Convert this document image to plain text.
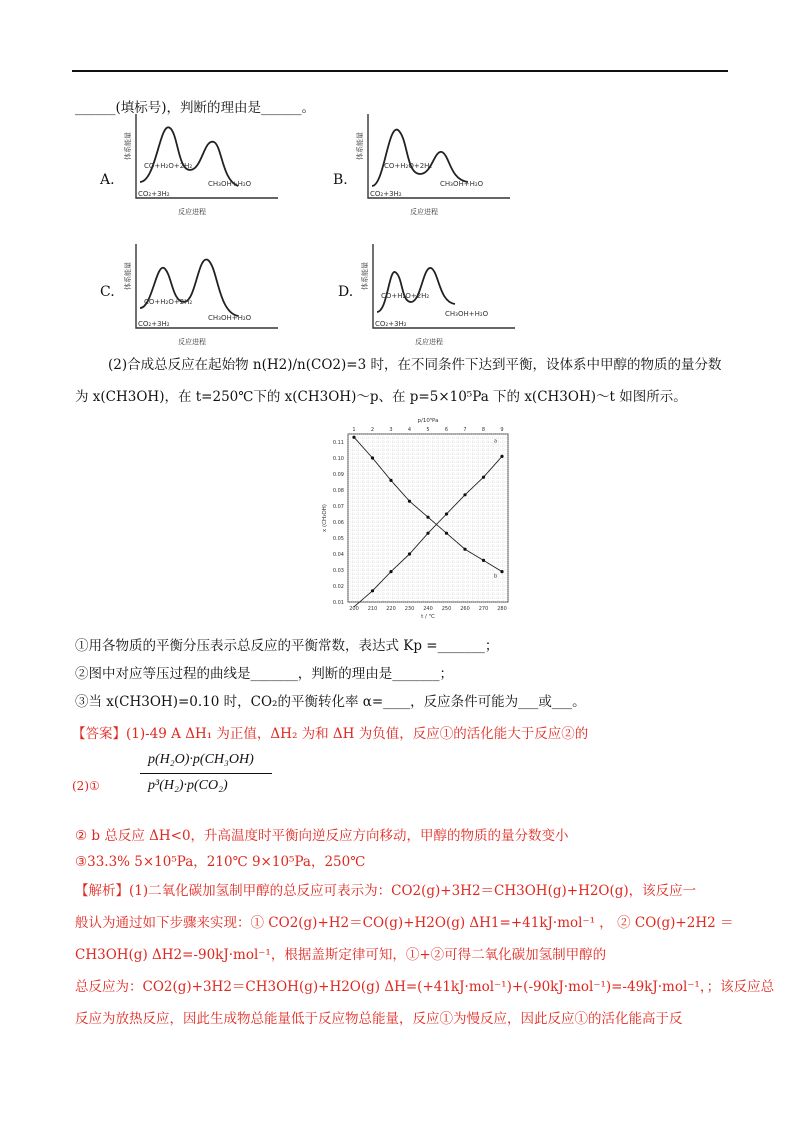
______(填标号)，判断的理由是______。
A.
CO+H₂O+2H₂
CO₂+3H₂
CH₃OH+H₂O
反应进程
体系能量
B.
CO+H₂O+2H₂
CO₂+3H₂
CH₃OH+H₂O
反应进程
体系能量
C.
CO+H₂O+2H₂
CO₂+3H₂
CH₃OH+H₂O
反应进程
体系能量
D.	CO+H₂O+2H₂
CO₂+3H₂
CH₃OH+H₂O
反应进程
体系能量
(2)合成总反应在起始物 n(H2)/n(CO2)=3 时，在不同条件下达到平衡，设体系中甲醇的物质的量分数
为 x(CH3OH)，在 t=250℃下的 x(CH3OH)～p、在 p=5×10⁵Pa 下的 x(CH3OH)～t 如图所示。
0.01
0.02
0.03
0.04
0.05
0.06
0.07
0.08
0.09
0.10
0.11
200 210 220 230 240 250 260 270 280
1	2	3	4	5	6	7	8	9
p/10⁵Pa
t / ℃
x (CH₃OH)
a
b
①用各物质的平衡分压表示总反应的平衡常数，表达式 Kp =_______；
②图中对应等压过程的曲线是_______，判断的理由是_______；
③当 x(CH3OH)=0.10 时，CO₂的平衡转化率 α=____，反应条件可能为___或___。
【答案】(1)-49 A ΔH₁ 为正值，ΔH₂ 为和 ΔH 为负值，反应①的活化能大于反应②的
(2)①
p(H₂O)·p(CH₃OH)
p³(H₂)·p(CO₂)
② b 总反应 ΔH<0，升高温度时平衡向逆反应方向移动，甲醇的物质的量分数变小
③33.3% 5×10⁵Pa，210℃ 9×10⁵Pa，250℃
【解析】(1)二氧化碳加氢制甲醇的总反应可表示为：CO2(g)+3H2＝CH3OH(g)+H2O(g)，该反应一
般认为通过如下步骤来实现：① CO2(g)+H2＝CO(g)+H2O(g) ΔH1=+41kJ·mol⁻¹ ， ② CO(g)+2H2 ＝
CH3OH(g) ΔH2=-90kJ·mol⁻¹，根据盖斯定律可知，①+②可得二氧化碳加氢制甲醇的
总反应为：CO2(g)+3H2＝CH3OH(g)+H2O(g) ΔH=(+41kJ·mol⁻¹)+(-90kJ·mol⁻¹)=-49kJ·mol⁻¹，；该反应总
反应为放热反应，因此生成物总能量低于反应物总能量，反应①为慢反应，因此反应①的活化能高于反
